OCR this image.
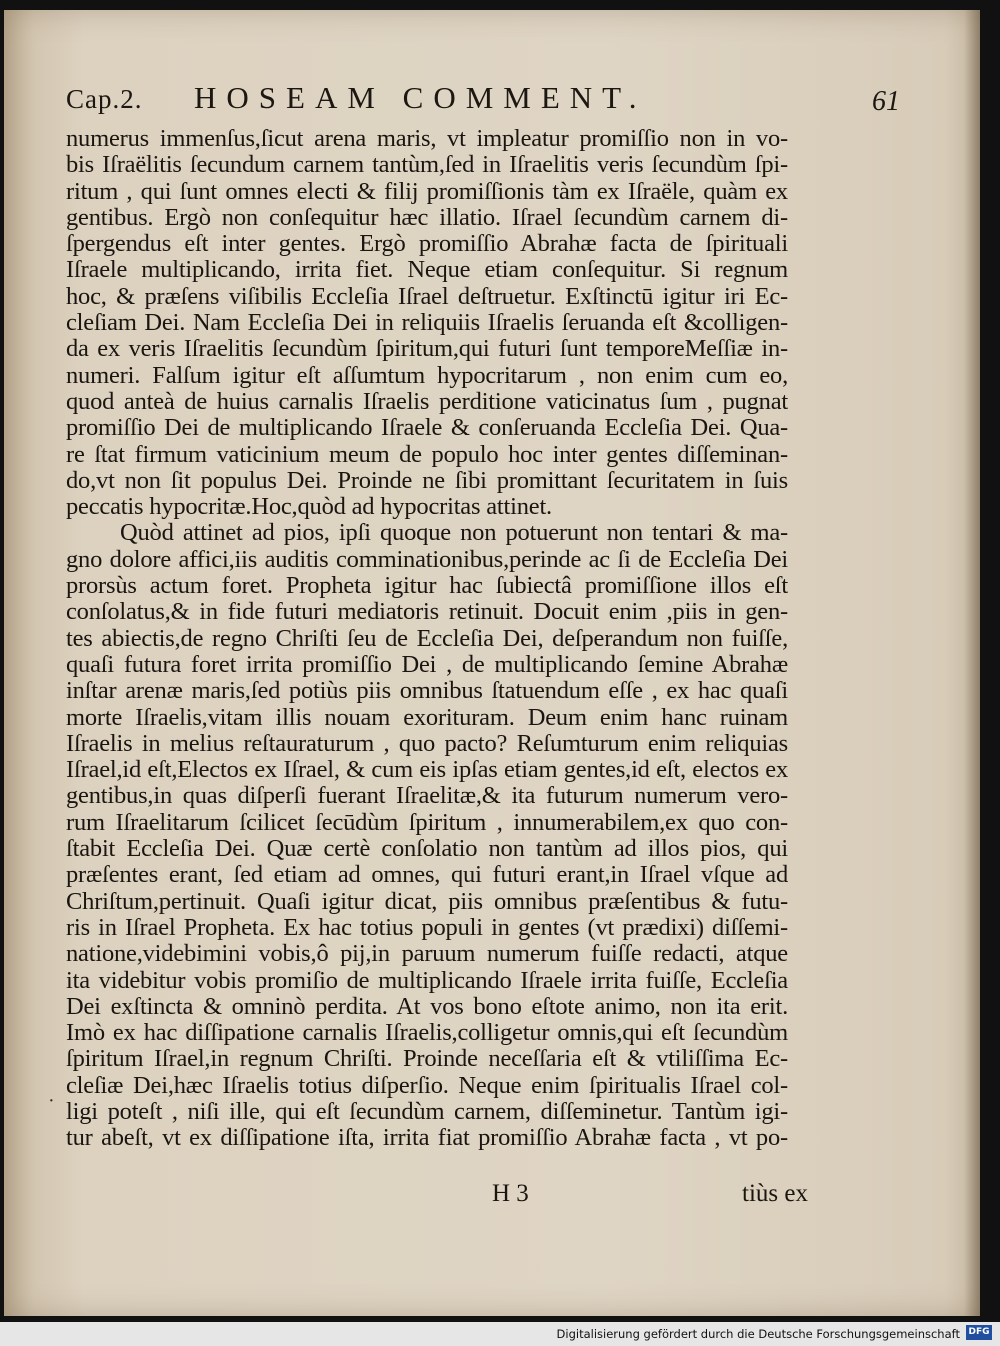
Cap.2. HOSEAM COMMENT.	61
numerus immenſus,ſicut arena maris, vt impleatur promiſſio non in vo-
bis Iſraëlitis ſecundum carnem tantùm,ſed in Iſraelitis veris ſecundùm ſpi-
ritum , qui ſunt omnes electi & filij promiſſionis tàm ex Iſraële, quàm ex
gentibus. Ergò non conſequitur hæc illatio. Iſrael ſecundùm carnem di-
ſpergendus eſt inter gentes. Ergò promiſſio Abrahæ facta de ſpirituali
Iſraele multiplicando, irrita fiet. Neque etiam conſequitur. Si regnum
hoc, & præſens viſibilis Eccleſia Iſrael deſtruetur. Exſtinctū igitur iri Ec-
cleſiam Dei. Nam Eccleſia Dei in reliquiis Iſraelis ſeruanda eſt &colligen-
da ex veris Iſraelitis ſecundùm ſpiritum,qui futuri ſunt temporeMeſſiæ in-
numeri. Falſum igitur eſt aſſumtum hypocritarum , non enim cum eo,
quod anteà de huius carnalis Iſraelis perditione vaticinatus ſum , pugnat
promiſſio Dei de multiplicando Iſraele & conſeruanda Eccleſia Dei. Qua-
re ſtat firmum vaticinium meum de populo hoc inter gentes diſſeminan-
do,vt non ſit populus Dei. Proinde ne ſibi promittant ſecuritatem in ſuis
peccatis hypocritæ.Hoc,quòd ad hypocritas attinet.
Quòd attinet ad pios, ipſi quoque non potuerunt non tentari & ma-
gno dolore affici,iis auditis comminationibus,perinde ac ſi de Eccleſia Dei
prorsùs actum foret. Propheta igitur hac ſubiectâ promiſſione illos eſt
conſolatus,& in fide futuri mediatoris retinuit. Docuit enim ,piis in gen-
tes abiectis,de regno Chriſti ſeu de Eccleſia Dei, deſperandum non fuiſſe,
quaſi futura foret irrita promiſſio Dei , de multiplicando ſemine Abrahæ
inſtar arenæ maris,ſed potiùs piis omnibus ſtatuendum eſſe , ex hac quaſi
morte Iſraelis,vitam illis nouam exorituram. Deum enim hanc ruinam
Iſraelis in melius reſtauraturum , quo pacto? Reſumturum enim reliquias
Iſrael,id eſt,Electos ex Iſrael, & cum eis ipſas etiam gentes,id eſt, electos ex
gentibus,in quas diſperſi fuerant Iſraelitæ,& ita futurum numerum vero-
rum Iſraelitarum ſcilicet ſecūdùm ſpiritum , innumerabilem,ex quo con-
ſtabit Eccleſia Dei. Quæ certè conſolatio non tantùm ad illos pios, qui
præſentes erant, ſed etiam ad omnes, qui futuri erant,in Iſrael vſque ad
Chriſtum,pertinuit. Quaſi igitur dicat, piis omnibus præſentibus & futu-
ris in Iſrael Propheta. Ex hac totius populi in gentes (vt prædixi) diſſemi-
natione,videbimini vobis,ô pij,in paruum numerum fuiſſe redacti, atque
ita videbitur vobis promiſio de multiplicando Iſraele irrita fuiſſe, Eccleſia
Dei exſtincta & omninò perdita. At vos bono eſtote animo, non ita erit.
Imò ex hac diſſipatione carnalis Iſraelis,colligetur omnis,qui eſt ſecundùm
ſpiritum Iſrael,in regnum Chriſti. Proinde neceſſaria eſt & vtiliſſima Ec-
cleſiæ Dei,hæc Iſraelis totius diſperſio. Neque enim ſpiritualis Iſrael col-
ligi poteſt , niſi ille, qui eſt ſecundùm carnem, diſſeminetur. Tantùm igi-
tur abeſt, vt ex diſſipatione iſta, irrita fiat promiſſio Abrahæ facta , vt po-
·
H 3	tiùs ex
Digitalisierung gefördert durch die Deutsche Forschungsgemeinschaft DFG
